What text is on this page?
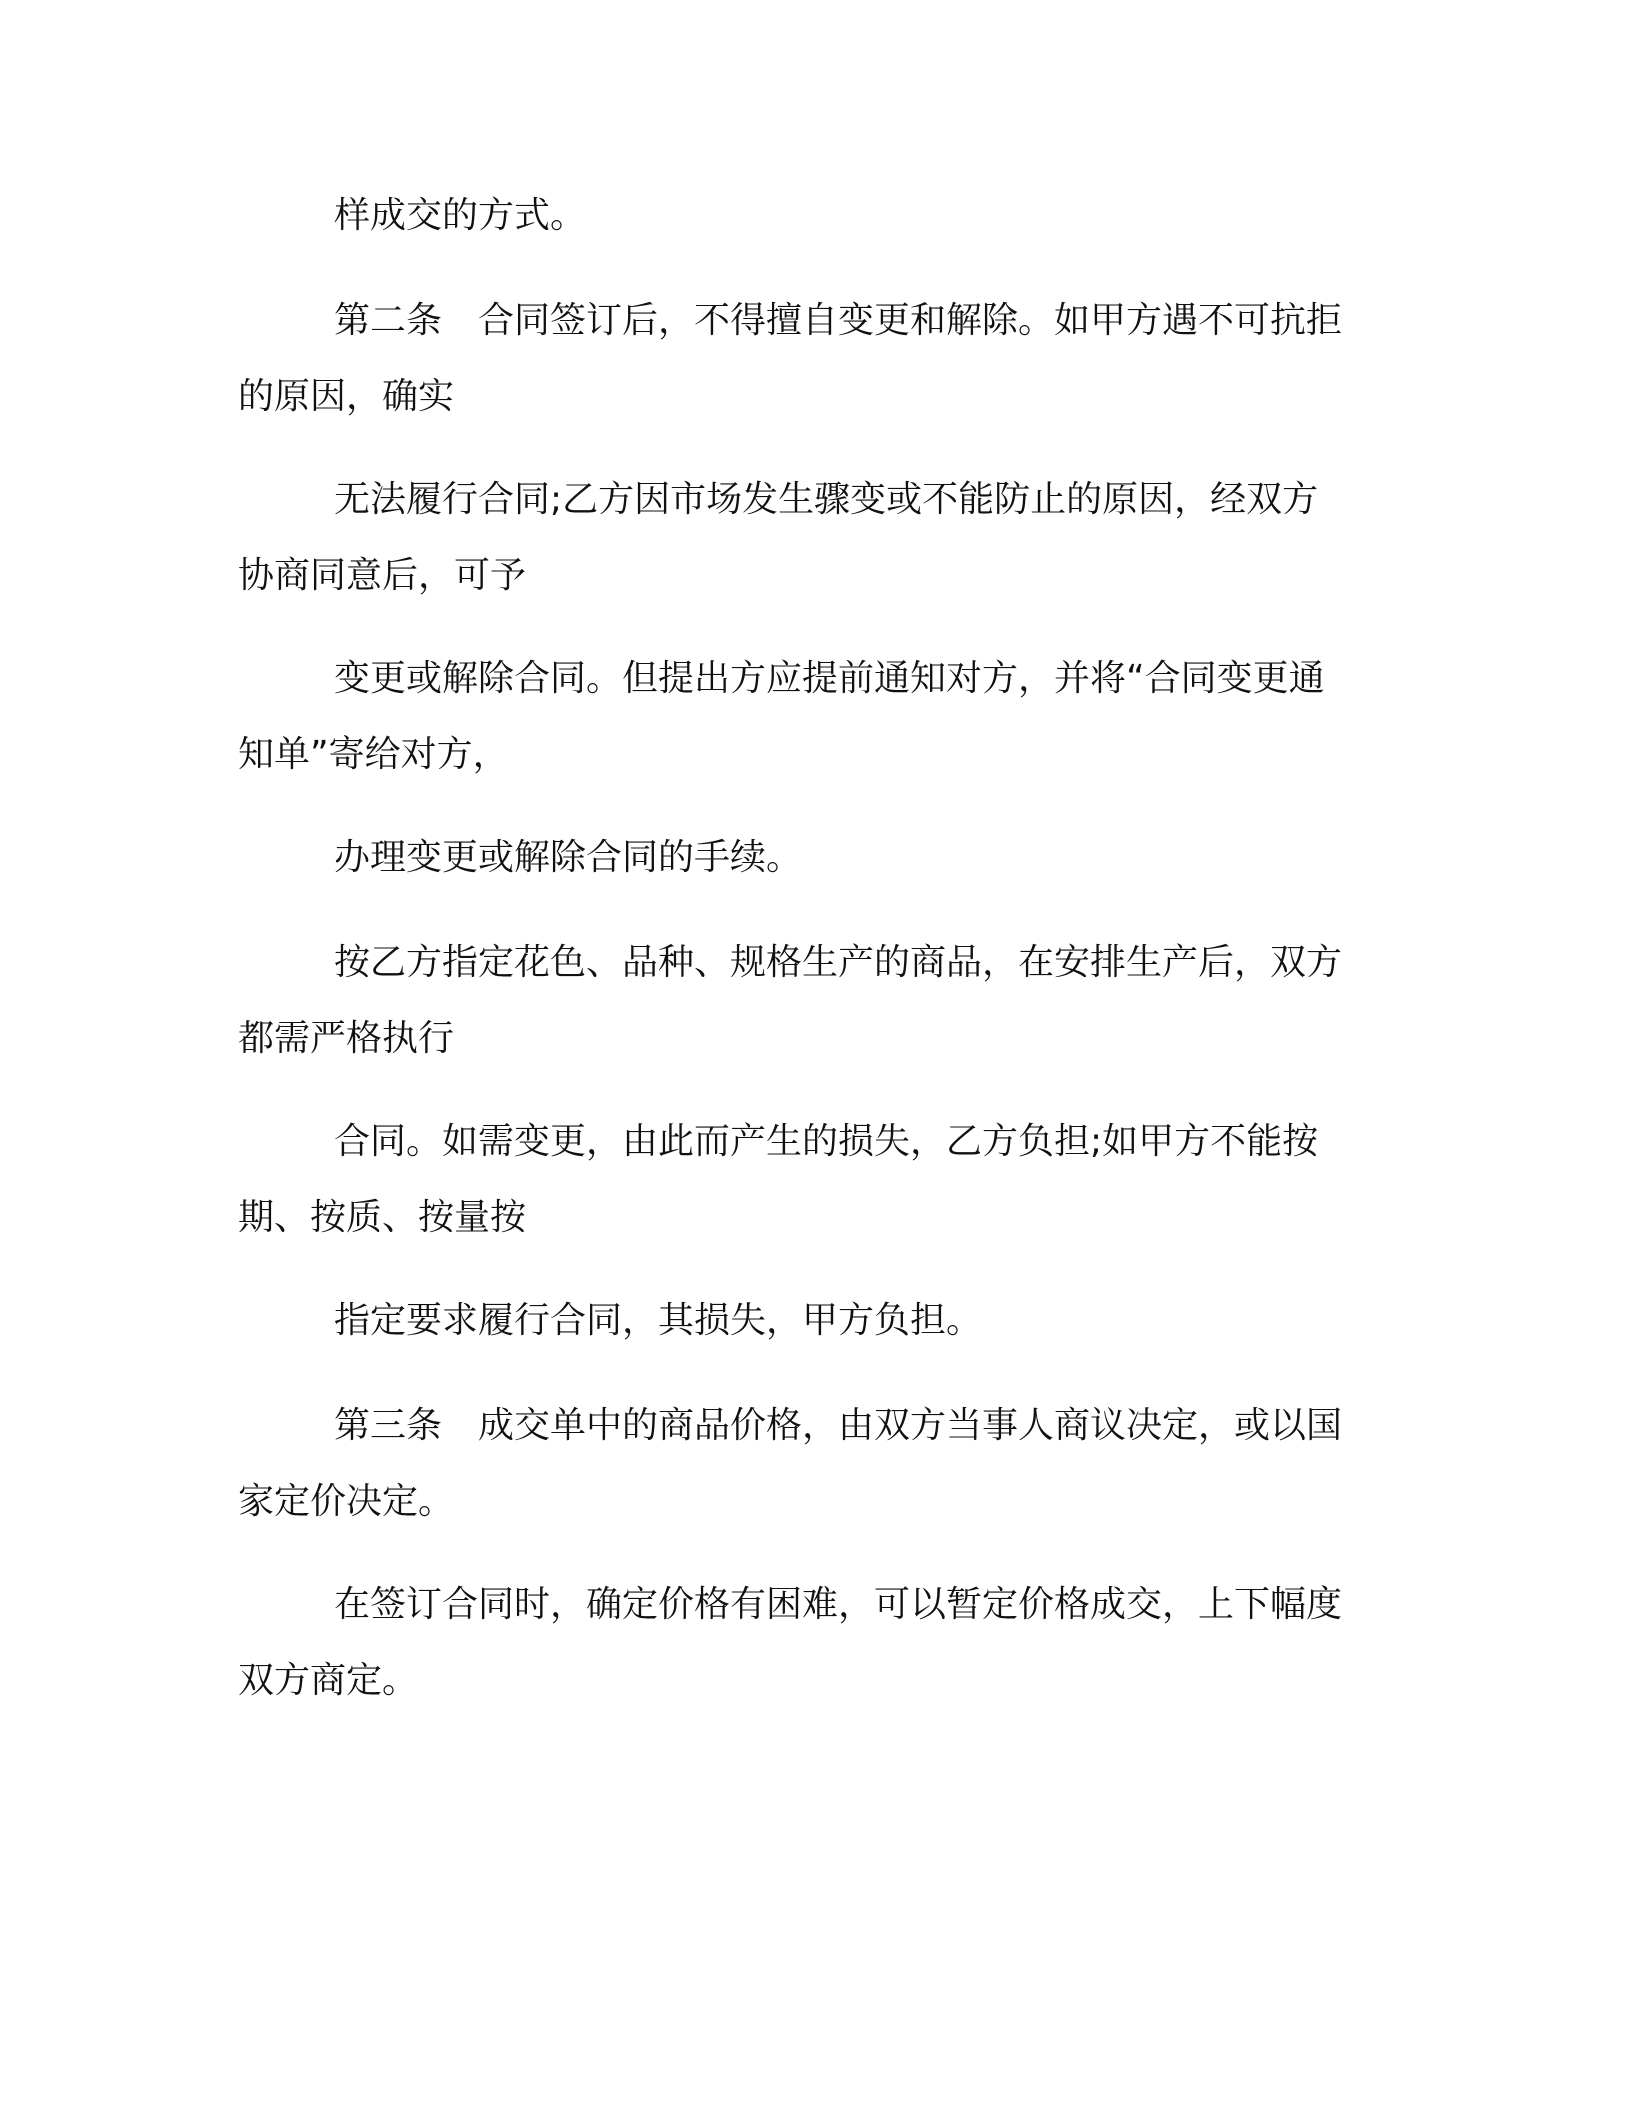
样成交的方式。
第二条　合同签订后，不得擅自变更和解除。如甲方遇不可抗拒
的原因，确实
无法履行合同;乙方因市场发生骤变或不能防止的原因，经双方
协商同意后，可予
变更或解除合同。但提出方应提前通知对方，并将“合同变更通
知单”寄给对方，
办理变更或解除合同的手续。
按乙方指定花色、品种、规格生产的商品，在安排生产后，双方
都需严格执行
合同。如需变更，由此而产生的损失，乙方负担;如甲方不能按
期、按质、按量按
指定要求履行合同，其损失，甲方负担。
第三条　成交单中的商品价格，由双方当事人商议决定，或以国
家定价决定。
在签订合同时，确定价格有困难，可以暂定价格成交，上下幅度
双方商定。
